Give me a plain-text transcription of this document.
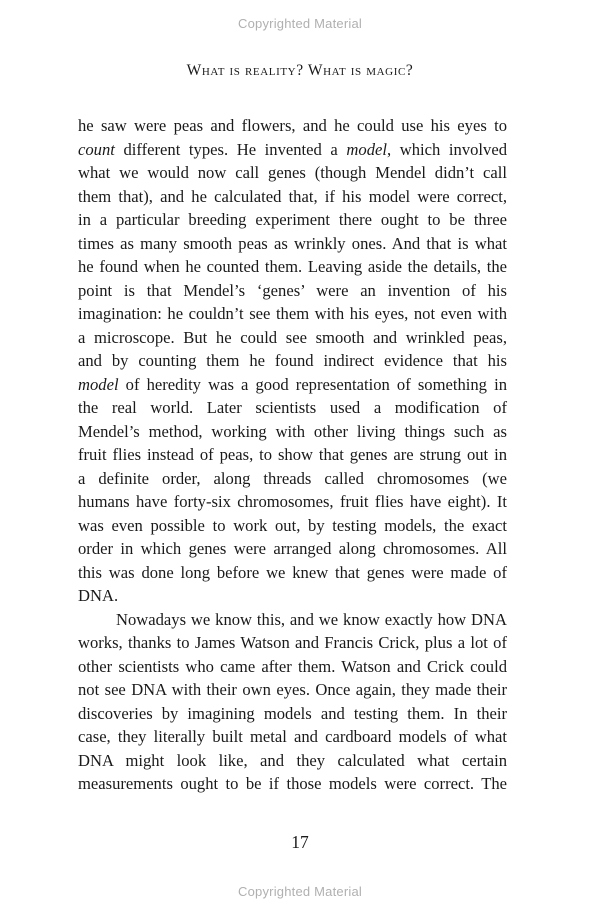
Copyrighted Material
What is reality? What is magic?
he saw were peas and flowers, and he could use his eyes to
count different types. He invented a model, which involved
what we would now call genes (though Mendel didn’t call
them that), and he calculated that, if his model were correct,
in a particular breeding experiment there ought to be three
times as many smooth peas as wrinkly ones. And that is what
he found when he counted them. Leaving aside the details, the
point is that Mendel’s ‘genes’ were an invention of his
imagination: he couldn’t see them with his eyes, not even with
a microscope. But he could see smooth and wrinkled peas,
and by counting them he found indirect evidence that his
model of heredity was a good representation of something in
the real world. Later scientists used a modification of
Mendel’s method, working with other living things such as
fruit flies instead of peas, to show that genes are strung out in
a definite order, along threads called chromosomes (we
humans have forty-six chromosomes, fruit flies have eight). It
was even possible to work out, by testing models, the exact
order in which genes were arranged along chromosomes. All
this was done long before we knew that genes were made of
DNA.
Nowadays we know this, and we know exactly how DNA
works, thanks to James Watson and Francis Crick, plus a lot of
other scientists who came after them. Watson and Crick could
not see DNA with their own eyes. Once again, they made their
discoveries by imagining models and testing them. In their
case, they literally built metal and cardboard models of what
DNA might look like, and they calculated what certain
measurements ought to be if those models were correct. The
17
Copyrighted Material
